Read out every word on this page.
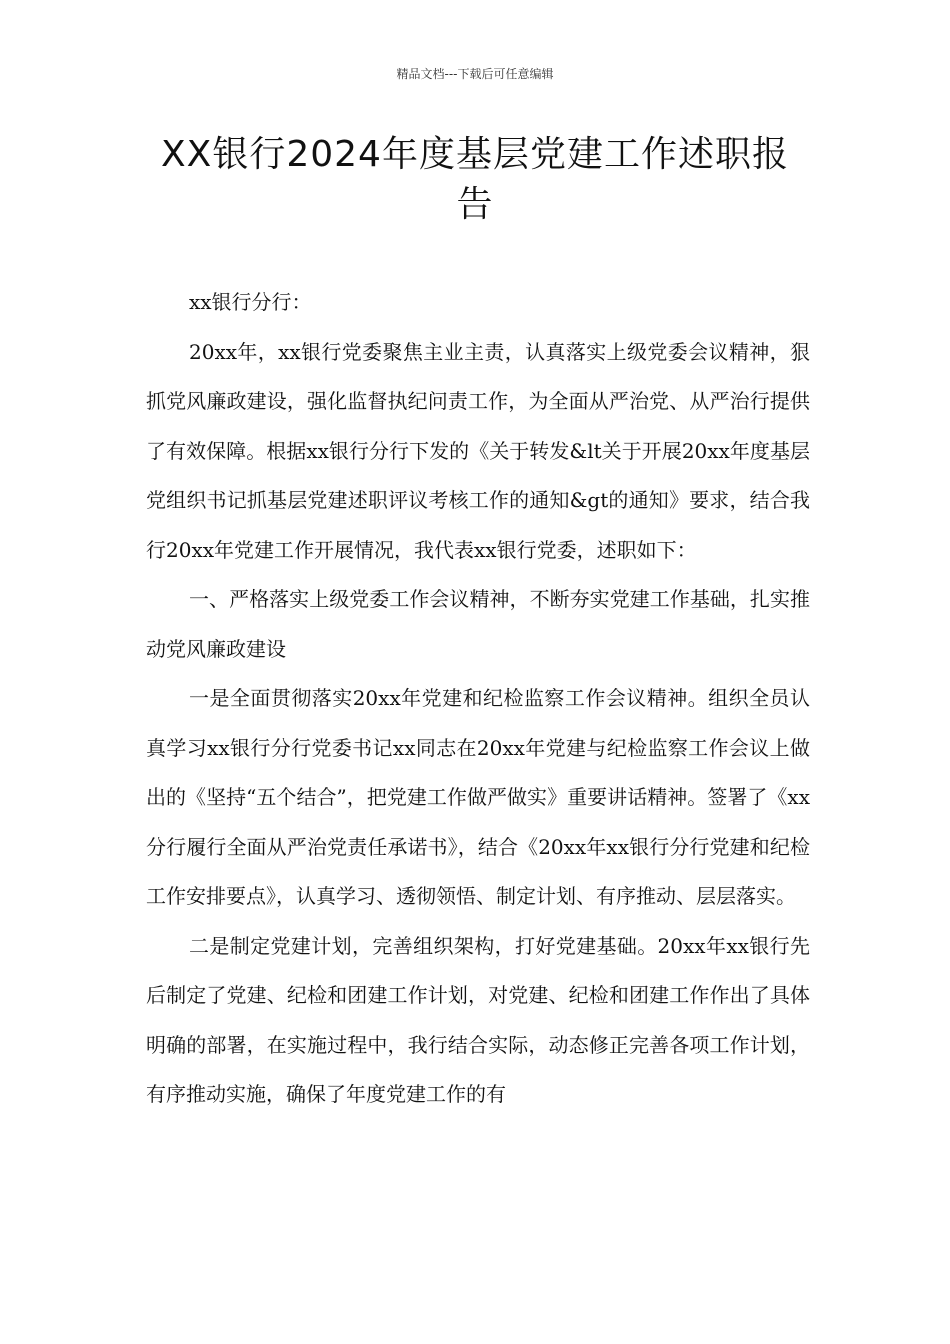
精品文档---下载后可任意编辑
XX银行2024年度基层党建工作述职报告

xx银行分行：

20xx年，xx银行党委聚焦主业主责，认真落实上级党委会议精神，狠抓党风廉政建设，强化监督执纪问责工作，为全面从严治党、从严治行提供了有效保障。根据xx银行分行下发的《关于转发&lt关于开展20xx年度基层党组织书记抓基层党建述职评议考核工作的通知&gt的通知》要求，结合我行20xx年党建工作开展情况，我代表xx银行党委，述职如下：

一、严格落实上级党委工作会议精神，不断夯实党建工作基础，扎实推动党风廉政建设

一是全面贯彻落实20xx年党建和纪检监察工作会议精神。组织全员认真学习xx银行分行党委书记xx同志在20xx年党建与纪检监察工作会议上做出的《坚持“五个结合”，把党建工作做严做实》重要讲话精神。签署了《xx分行履行全面从严治党责任承诺书》，结合《20xx年xx银行分行党建和纪检工作安排要点》，认真学习、透彻领悟、制定计划、有序推动、层层落实。

二是制定党建计划，完善组织架构，打好党建基础。20xx年xx银行先后制定了党建、纪检和团建工作计划，对党建、纪检和团建工作作出了具体明确的部署，在实施过程中，我行结合实际，动态修正完善各项工作计划，有序推动实施，确保了年度党建工作的有
